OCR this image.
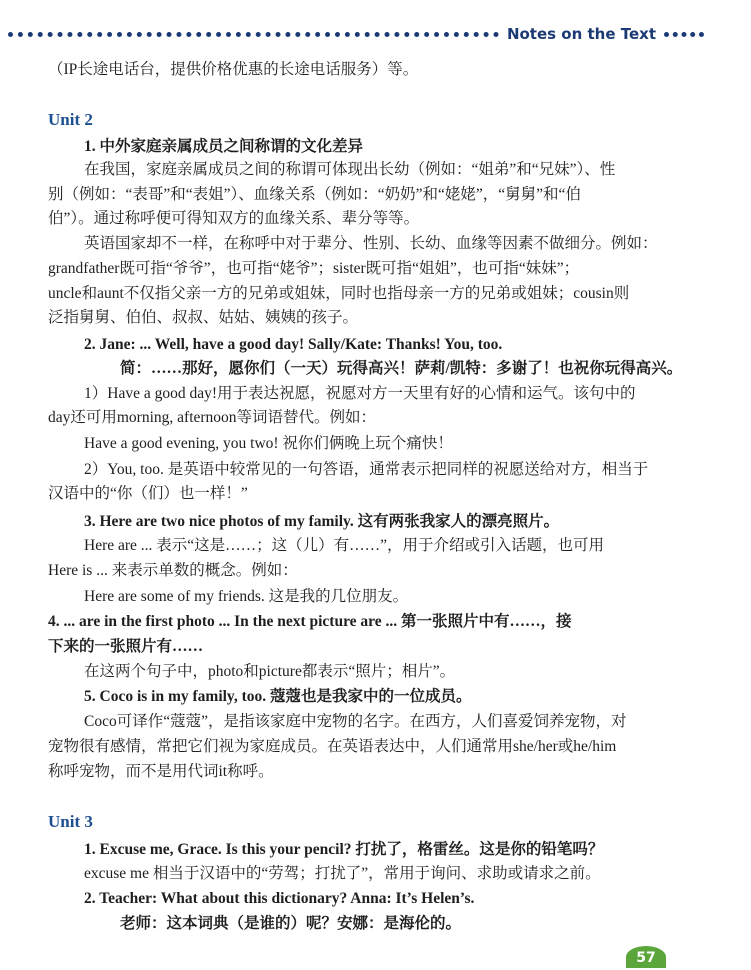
Notes on the Text
（IP长途电话台，提供价格优惠的长途电话服务）等。
Unit 2
1. 中外家庭亲属成员之间称谓的文化差异
在我国，家庭亲属成员之间的称谓可体现出长幼（例如：“姐弟”和“兄妹”）、性
别（例如：“表哥”和“表姐”）、血缘关系（例如：“奶奶”和“姥姥”，“舅舅”和“伯
伯”）。通过称呼便可得知双方的血缘关系、辈分等等。
英语国家却不一样，在称呼中对于辈分、性别、长幼、血缘等因素不做细分。例如：
grandfather既可指“爷爷”，也可指“姥爷”；sister既可指“姐姐”，也可指“妹妹”；
uncle和aunt不仅指父亲一方的兄弟或姐妹，同时也指母亲一方的兄弟或姐妹；cousin则
泛指舅舅、伯伯、叔叔、姑姑、姨姨的孩子。
2. Jane: ... Well, have a good day! Sally/Kate: Thanks! You, too.
简：……那好，愿你们（一天）玩得高兴！萨莉/凯特：多谢了！也祝你玩得高兴。
1）Have a good day!用于表达祝愿，祝愿对方一天里有好的心情和运气。该句中的
day还可用morning, afternoon等词语替代。例如：
Have a good evening, you two! 祝你们俩晚上玩个痛快！
2）You, too. 是英语中较常见的一句答语，通常表示把同样的祝愿送给对方，相当于
汉语中的“你（们）也一样！”
3. Here are two nice photos of my family. 这有两张我家人的漂亮照片。
Here are ... 表示“这是……；这（儿）有……”，用于介绍或引入话题，也可用
Here is ... 来表示单数的概念。例如：
Here are some of my friends. 这是我的几位朋友。
4. ... are in the first photo ... In the next picture are ... 第一张照片中有……，接
下来的一张照片有……
在这两个句子中，photo和picture都表示“照片；相片”。
5. Coco is in my family, too. 蔻蔻也是我家中的一位成员。
Coco可译作“蔻蔻”，是指该家庭中宠物的名字。在西方，人们喜爱饲养宠物，对
宠物很有感情，常把它们视为家庭成员。在英语表达中，人们通常用she/her或he/him
称呼宠物，而不是用代词it称呼。
Unit 3
1. Excuse me, Grace. Is this your pencil? 打扰了，格雷丝。这是你的铅笔吗？
excuse me 相当于汉语中的“劳驾；打扰了”，常用于询问、求助或请求之前。
2. Teacher: What about this dictionary? Anna: It’s Helen’s.
老师：这本词典（是谁的）呢？安娜：是海伦的。
57
